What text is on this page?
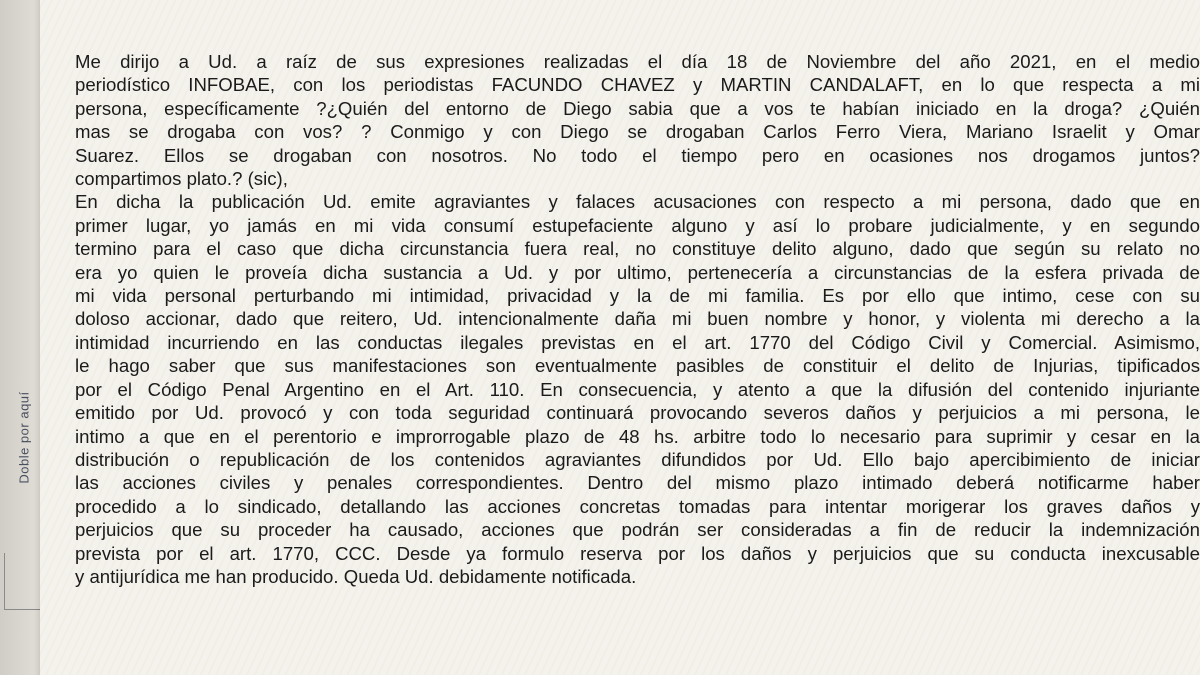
Doble por aquí
Me dirijo a Ud. a raíz de sus expresiones realizadas el día 18 de Noviembre del año 2021, en el medio
periodístico INFOBAE, con los periodistas FACUNDO CHAVEZ y MARTIN CANDALAFT, en lo que respecta a mi
persona, específicamente ?¿Quién del entorno de Diego sabia que a vos te habían iniciado en la droga? ¿Quién
mas se drogaba con vos? ? Conmigo y con Diego se drogaban Carlos Ferro Viera, Mariano Israelit y Omar
Suarez. Ellos se drogaban con nosotros. No todo el tiempo pero en ocasiones nos drogamos juntos?
compartimos plato.? (sic),
En dicha la publicación Ud. emite agraviantes y falaces acusaciones con respecto a mi persona, dado que en
primer lugar, yo jamás en mi vida consumí estupefaciente alguno y así lo probare judicialmente, y en segundo
termino para el caso que dicha circunstancia fuera real, no constituye delito alguno, dado que según su relato no
era yo quien le proveía dicha sustancia a Ud. y por ultimo, pertenecería a circunstancias de la esfera privada de
mi vida personal perturbando mi intimidad, privacidad y la de mi familia. Es por ello que intimo, cese con su
doloso accionar, dado que reitero, Ud. intencionalmente daña mi buen nombre y honor, y violenta mi derecho a la
intimidad incurriendo en las conductas ilegales previstas en el art. 1770 del Código Civil y Comercial. Asimismo,
le hago saber que sus manifestaciones son eventualmente pasibles de constituir el delito de Injurias, tipificados
por el Código Penal Argentino en el Art. 110. En consecuencia, y atento a que la difusión del contenido injuriante
emitido por Ud. provocó y con toda seguridad continuará provocando severos daños y perjuicios a mi persona, le
intimo a que en el perentorio e improrrogable plazo de 48 hs. arbitre todo lo necesario para suprimir y cesar en la
distribución o republicación de los contenidos agraviantes difundidos por Ud. Ello bajo apercibimiento de iniciar
las acciones civiles y penales correspondientes. Dentro del mismo plazo intimado deberá notificarme haber
procedido a lo sindicado, detallando las acciones concretas tomadas para intentar morigerar los graves daños y
perjuicios que su proceder ha causado, acciones que podrán ser consideradas a fin de reducir la indemnización
prevista por el art. 1770, CCC. Desde ya formulo reserva por los daños y perjuicios que su conducta inexcusable
y antijurídica me han producido. Queda Ud. debidamente notificada.
